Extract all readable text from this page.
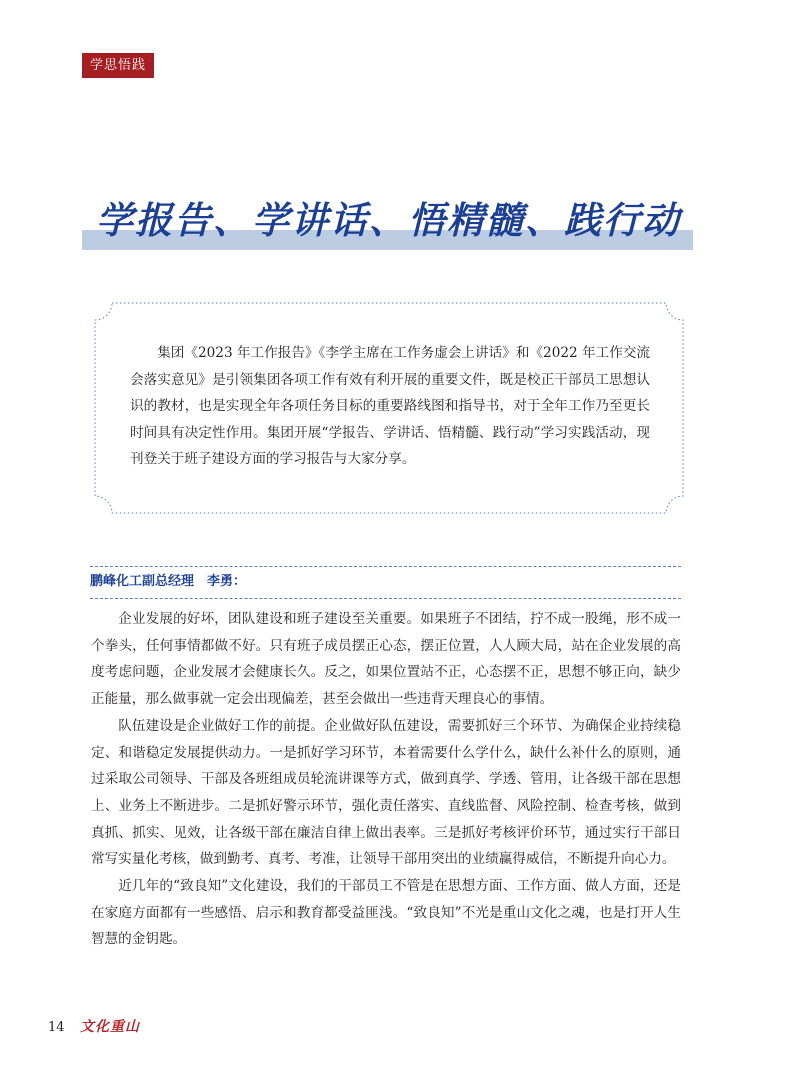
学思悟践
学报告、学讲话、悟精髓、践行动

集团《2023 年工作报告》《李学主席在工作务虚会上讲话》和《2022 年工作交流会落实意见》是引领集团各项工作有效有利开展的重要文件，既是校正干部员工思想认识的教材，也是实现全年各项任务目标的重要路线图和指导书，对于全年工作乃至更长时间具有决定性作用。集团开展“学报告、学讲话、悟精髓、践行动”学习实践活动，现刊登关于班子建设方面的学习报告与大家分享。

鹏峰化工副总经理　李勇：

企业发展的好坏，团队建设和班子建设至关重要。如果班子不团结，拧不成一股绳，形不成一个拳头，任何事情都做不好。只有班子成员摆正心态，摆正位置，人人顾大局，站在企业发展的高度考虑问题，企业发展才会健康长久。反之，如果位置站不正，心态摆不正，思想不够正向，缺少正能量，那么做事就一定会出现偏差，甚至会做出一些违背天理良心的事情。

队伍建设是企业做好工作的前提。企业做好队伍建设，需要抓好三个环节、为确保企业持续稳定、和谐稳定发展提供动力。一是抓好学习环节，本着需要什么学什么，缺什么补什么的原则，通过采取公司领导、干部及各班组成员轮流讲课等方式，做到真学、学透、管用，让各级干部在思想上、业务上不断进步。二是抓好警示环节，强化责任落实、直线监督、风险控制、检查考核，做到真抓、抓实、见效，让各级干部在廉洁自律上做出表率。三是抓好考核评价环节，通过实行干部日常写实量化考核，做到勤考、真考、考准，让领导干部用突出的业绩赢得威信，不断提升向心力。

近几年的“致良知”文化建设，我们的干部员工不管是在思想方面、工作方面、做人方面，还是在家庭方面都有一些感悟、启示和教育都受益匪浅。“致良知”不光是重山文化之魂，也是打开人生智慧的金钥匙。

14 文化重山
